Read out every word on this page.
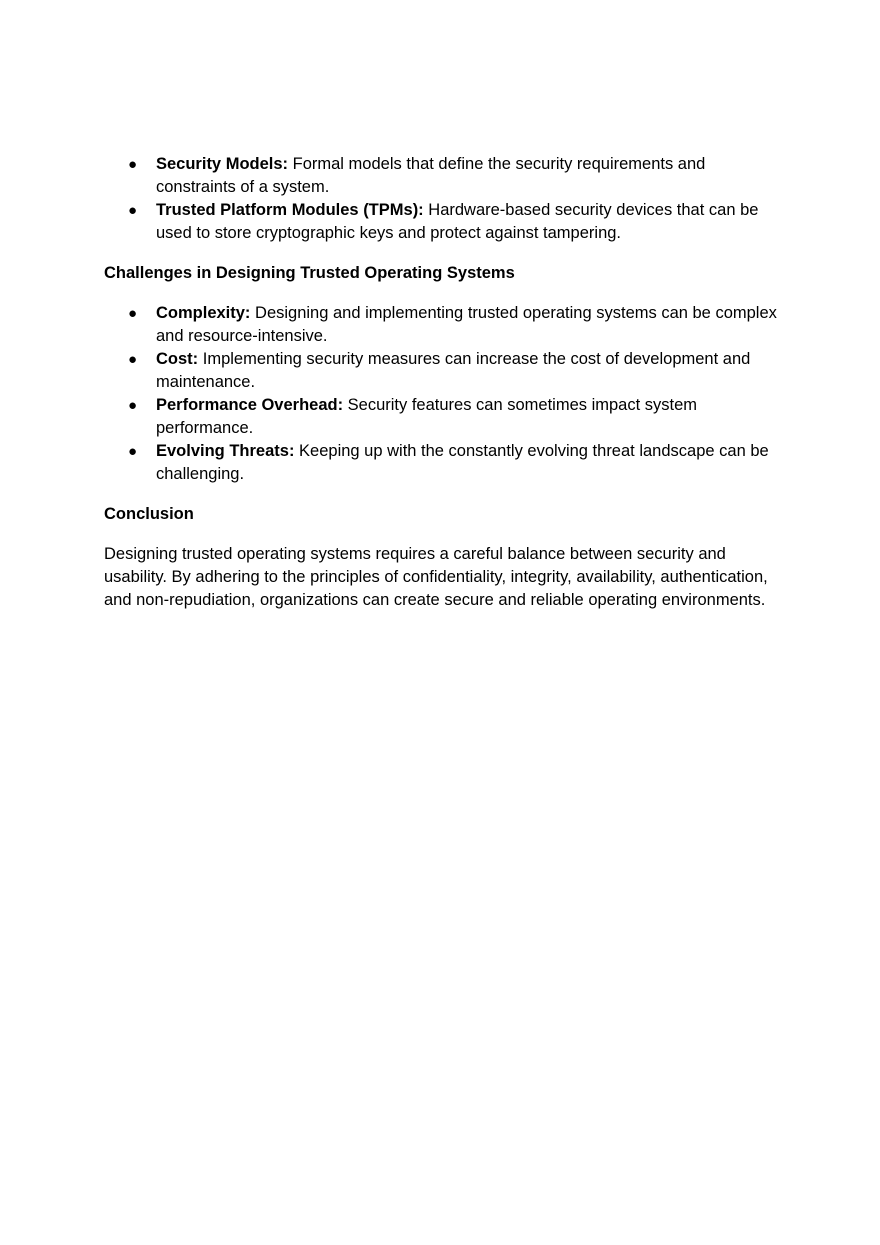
● Security Models: Formal models that define the security requirements and constraints of a system.
● Trusted Platform Modules (TPMs): Hardware-based security devices that can be used to store cryptographic keys and protect against tampering.
Challenges in Designing Trusted Operating Systems
● Complexity: Designing and implementing trusted operating systems can be complex and resource-intensive.
● Cost: Implementing security measures can increase the cost of development and maintenance.
● Performance Overhead: Security features can sometimes impact system performance.
● Evolving Threats: Keeping up with the constantly evolving threat landscape can be challenging.
Conclusion

Designing trusted operating systems requires a careful balance between security and usability. By adhering to the principles of confidentiality, integrity, availability, authentication, and non-repudiation, organizations can create secure and reliable operating environments.
